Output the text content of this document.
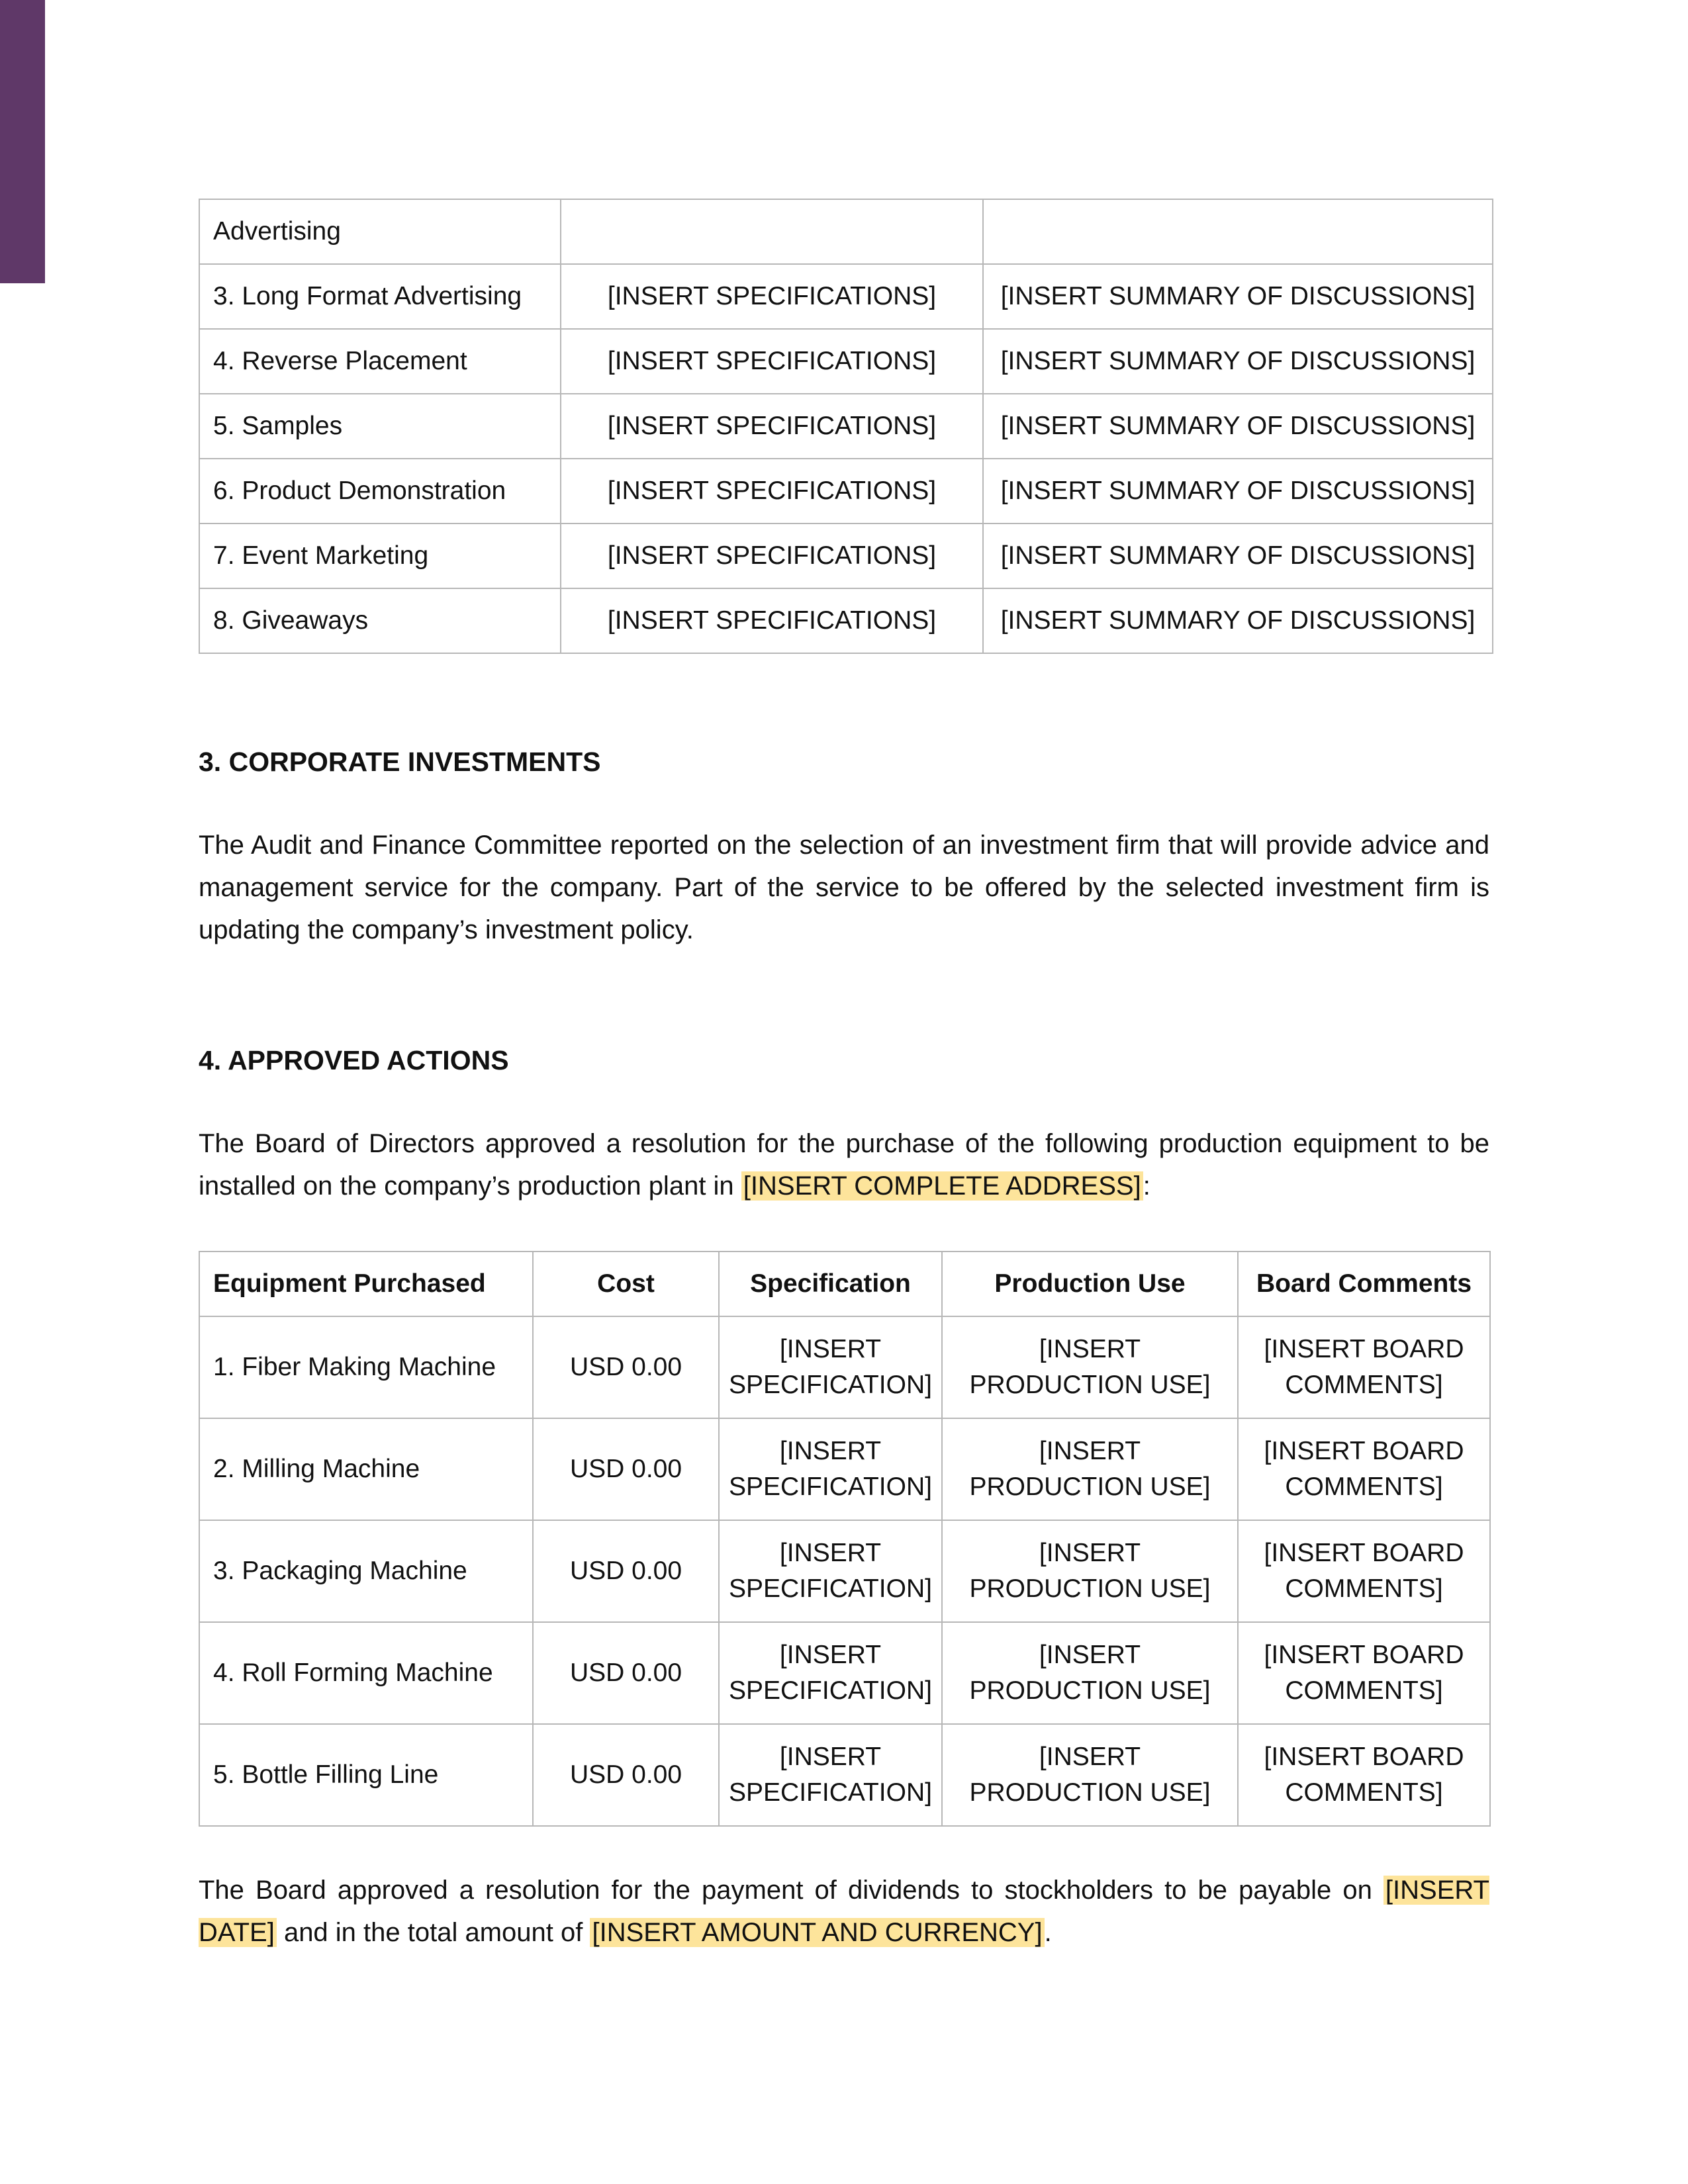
Advertising		
3. Long Format Advertising	[INSERT SPECIFICATIONS]	[INSERT SUMMARY OF DISCUSSIONS]
4. Reverse Placement	[INSERT SPECIFICATIONS]	[INSERT SUMMARY OF DISCUSSIONS]
5. Samples	[INSERT SPECIFICATIONS]	[INSERT SUMMARY OF DISCUSSIONS]
6. Product Demonstration	[INSERT SPECIFICATIONS]	[INSERT SUMMARY OF DISCUSSIONS]
7. Event Marketing	[INSERT SPECIFICATIONS]	[INSERT SUMMARY OF DISCUSSIONS]
8. Giveaways	[INSERT SPECIFICATIONS]	[INSERT SUMMARY OF DISCUSSIONS]
3. CORPORATE INVESTMENTS

The Audit and Finance Committee reported on the selection of an investment firm that will provide advice and management service for the company. Part of the service to be offered by the selected investment firm is updating the company’s investment policy.

4. APPROVED ACTIONS

The Board of Directors approved a resolution for the purchase of the following production equipment to be installed on the company’s production plant in [INSERT COMPLETE ADDRESS]:

Equipment Purchased	Cost	Specification	Production Use	Board Comments
1. Fiber Making Machine	USD 0.00	[INSERT SPECIFICATION]	[INSERT PRODUCTION USE]	[INSERT BOARD COMMENTS]
2. Milling Machine	USD 0.00	[INSERT SPECIFICATION]	[INSERT PRODUCTION USE]	[INSERT BOARD COMMENTS]
3. Packaging Machine	USD 0.00	[INSERT SPECIFICATION]	[INSERT PRODUCTION USE]	[INSERT BOARD COMMENTS]
4. Roll Forming Machine	USD 0.00	[INSERT SPECIFICATION]	[INSERT PRODUCTION USE]	[INSERT BOARD COMMENTS]
5. Bottle Filling Line	USD 0.00	[INSERT SPECIFICATION]	[INSERT PRODUCTION USE]	[INSERT BOARD COMMENTS]

The Board approved a resolution for the payment of dividends to stockholders to be payable on [INSERT DATE] and in the total amount of [INSERT AMOUNT AND CURRENCY].
